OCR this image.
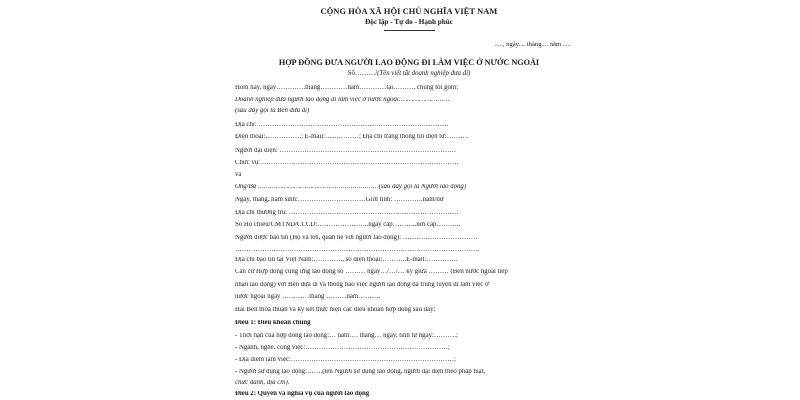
CỘNG HÒA XÃ HỘI CHỦ NGHĨA VIỆT NAM
Độc lập - Tự do - Hạnh phúc
....., ngày.... tháng.... năm .....
HỢP ĐỒNG ĐƯA NGƯỜI LAO ĐỘNG ĐI LÀM VIỆC Ở NƯỚC NGOÀI
Số………/(Tên viết tắt doanh nghiệp đưa đi)
Hôm nay, ngày………….tháng…………năm…………tại………, chúng tôi gồm:
Doanh nghiệp đưa người lao động đi làm việc ở nước ngoài:……………………
(sau đây gọi là Bên đưa đi)
Địa chỉ: …………………………………………………………………………
Điện thoại:…………….; E-mail:……………; Địa chỉ trang thông tin điện tử:……….
Người đại diện: ……………………………………………………………………
Chức vụ: ……………………………………………………………………………
và
Ông/Bà ……………………………………………………(sau đây gọi là Người lao động)
Ngày, tháng, năm sinh:…………………………Giới tính: ………….nam/nữ
Địa chỉ thường trú: …………………………………………………………………
Số Hộ chiếu/CMTND/CCCD:…………………..ngày cấp………..nơi cấp………..
Người được báo tin (Họ và tên, quan hệ với người lao động): ……………………………
………………………………………………………………………………………………
Địa chỉ báo tin tại Việt Nam:…………., số điện thoại:………..E-mail:…………..
Căn cứ Hợp đồng cung ứng lao động số ……… ngày…/…/… ký giữa ……… (Bên nước ngoài tiếp
nhận lao động) với Bên đưa đi và thông báo việc người lao động đã trúng tuyển đi làm việc ở
nước ngoài ngày …………tháng ………năm……….
Hai Bên thỏa thuận và ký kết thực hiện các điều khoản hợp đồng sau đây:
Điều 1: Điều khoản chung
- Thời hạn của hợp đồng lao động:… năm…. tháng… ngày, tính từ ngày:……….;
- Ngành, nghề, công việc:………………………………………………………;
- Địa điểm làm việc:………………………………………………………………;
- Người sử dụng lao động:…….(tên Người sử dụng lao động, người đại diện theo pháp luật,
chức danh, địa chỉ).
Điều 2: Quyền và nghĩa vụ của người lao động
